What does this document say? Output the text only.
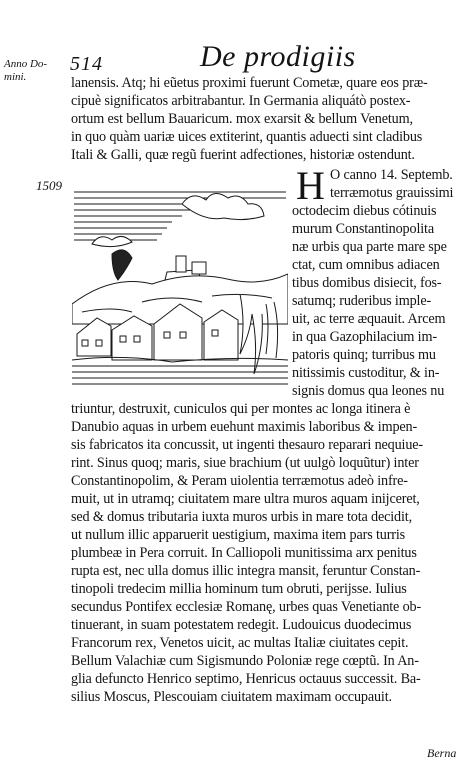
Anno Do-mini.
514	De prodigiis
1509	H
lanensis. Atq; hi eũetus proximi fuerunt Cometæ, quare eos præ-
cipuè significatos arbitrabantur. In Germania aliquátò postex-
ortum est bellum Bauaricum. mox exarsit & bellum Venetum,
in quo quàm uariæ uices extiterint, quantis aduecti sint cladibus
Itali & Galli, quæ regũ fuerint adfectiones, historiæ ostendunt.
O canno 14. Septemb.
terræmotus grauissimi
octodecim diebus cótinuis
murum Constantinopolita
næ urbis qua parte mare spe
ctat, cum omnibus adiacen
tibus domibus disiecit, fos-
satumq; ruderibus imple-
uit, ac terre æquauit. Arcem
in qua Gazophilacium im-
patoris quinq; turribus mu
nitissimis custoditur, & in-
signis domus qua leones nu
triuntur, destruxit, cuniculos qui per montes ac longa itinera è
Danubio aquas in urbem euehunt maximis laboribus & impen-
sis fabricatos ita concussit, ut ingenti thesauro reparari nequiue-
rint. Sinus quoq; maris, siue brachium (ut uulgò loquũtur) inter
Constantinopolim, & Peram uiolentia terræmotus adeò infre-
muit, ut in utramq; ciuitatem mare ultra muros aquam inijceret,
sed & domus tributaria iuxta muros urbis in mare tota decidit,
ut nullum illic apparuerit uestigium, maxima item pars turris
plumbeæ in Pera corruit. In Calliopoli munitissima arx penitus
rupta est, nec ulla domus illic integra mansit, feruntur Constan-
tinopoli tredecim millia hominum tum obruti, perijsse. Iulius
secundus Pontifex ecclesiæ Romanę, urbes quas Venetiante ob-
tinuerant, in suam potestatem redegit. Ludouicus duodecimus
Francorum rex, Venetos uicit, ac multas Italiæ ciuitates cepit.
Bellum Valachiæ cum Sigismundo Poloniæ rege cœptũ. In An-
glia defuncto Henrico septimo, Henricus octauus successit. Ba-
silius Moscus, Plescouiam ciuitatem maximam occupauit.
Berna
